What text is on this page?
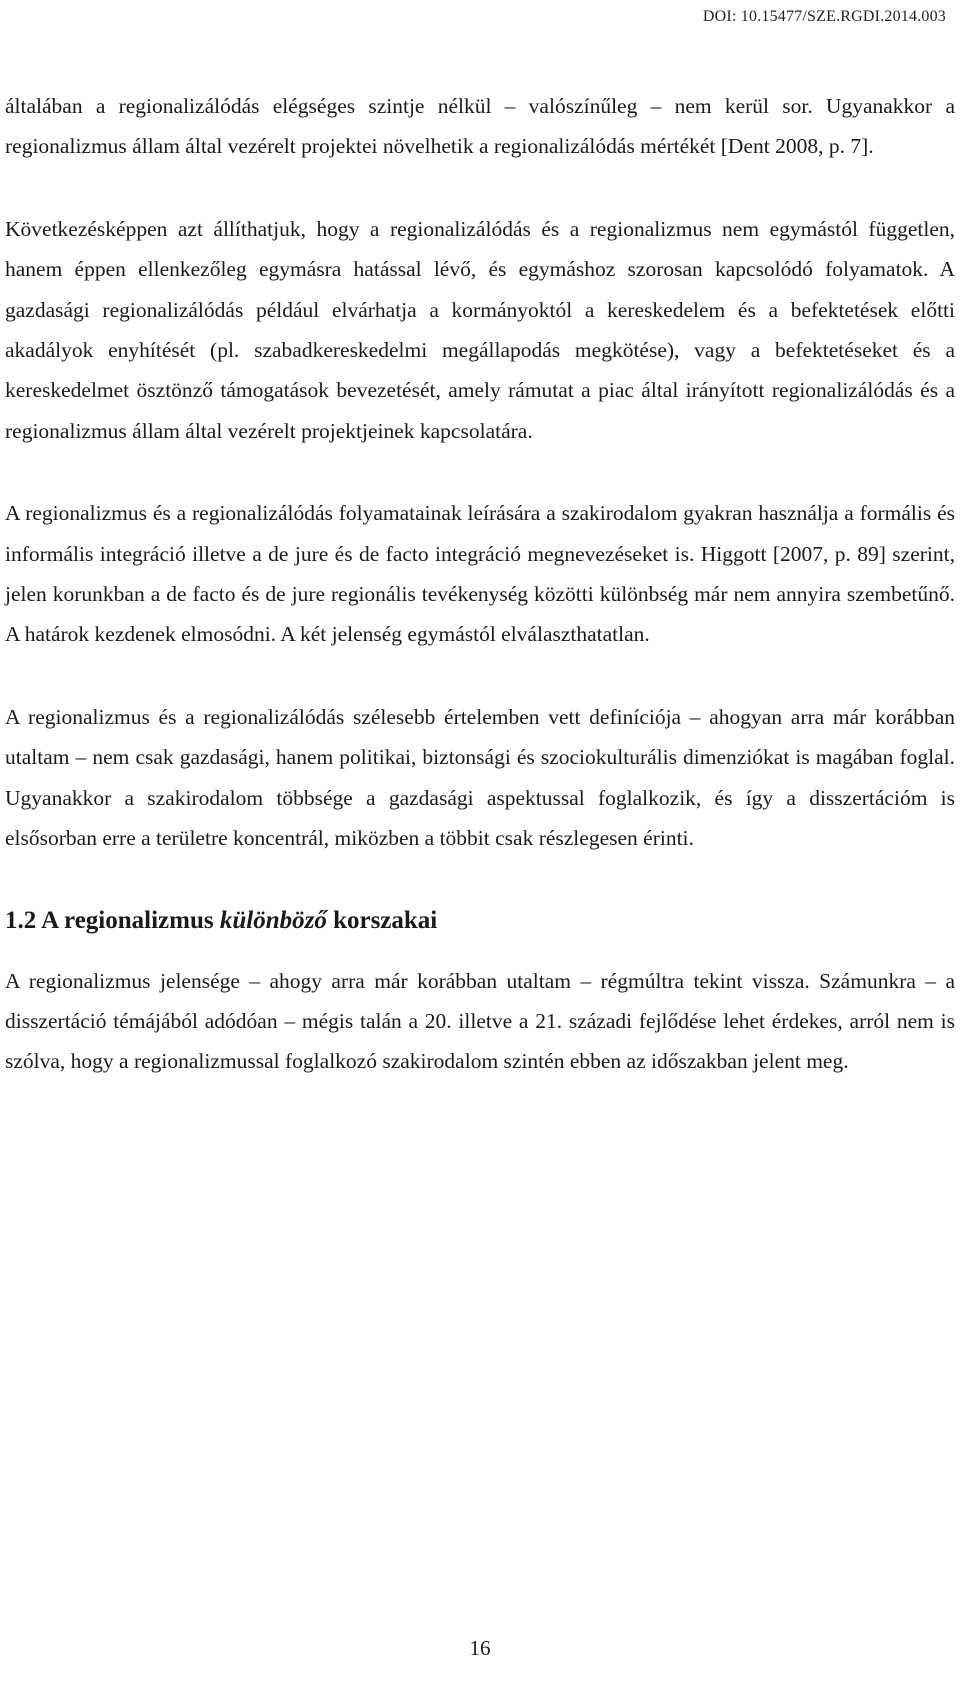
DOI: 10.15477/SZE.RGDI.2014.003

általában a regionalizálódás elégséges szintje nélkül – valószínűleg – nem kerül sor. Ugyanakkor a regionalizmus állam által vezérelt projektei növelhetik a regionalizálódás mértékét [Dent 2008, p. 7].

Következésképpen azt állíthatjuk, hogy a regionalizálódás és a regionalizmus nem egymástól független, hanem éppen ellenkezőleg egymásra hatással lévő, és egymáshoz szorosan kapcsolódó folyamatok. A gazdasági regionalizálódás például elvárhatja a kormányoktól a kereskedelem és a befektetések előtti akadályok enyhítését (pl. szabadkereskedelmi megállapodás megkötése), vagy a befektetéseket és a kereskedelmet ösztönző támogatások bevezetését, amely rámutat a piac által irányított regionalizálódás és a regionalizmus állam által vezérelt projektjeinek kapcsolatára.

A regionalizmus és a regionalizálódás folyamatainak leírására a szakirodalom gyakran használja a formális és informális integráció illetve a de jure és de facto integráció megnevezéseket is. Higgott [2007, p. 89] szerint, jelen korunkban a de facto és de jure regionális tevékenység közötti különbség már nem annyira szembetűnő. A határok kezdenek elmosódni. A két jelenség egymástól elválaszthatatlan.

A regionalizmus és a regionalizálódás szélesebb értelemben vett definíciója – ahogyan arra már korábban utaltam – nem csak gazdasági, hanem politikai, biztonsági és szociokulturális dimenziókat is magában foglal. Ugyanakkor a szakirodalom többsége a gazdasági aspektussal foglalkozik, és így a disszertációm is elsősorban erre a területre koncentrál, miközben a többit csak részlegesen érinti.

1.2 A regionalizmus különböző korszakai

A regionalizmus jelensége – ahogy arra már korábban utaltam – régmúltra tekint vissza. Számunkra – a disszertáció témájából adódóan – mégis talán a 20. illetve a 21. századi fejlődése lehet érdekes, arról nem is szólva, hogy a regionalizmussal foglalkozó szakirodalom szintén ebben az időszakban jelent meg.

16
